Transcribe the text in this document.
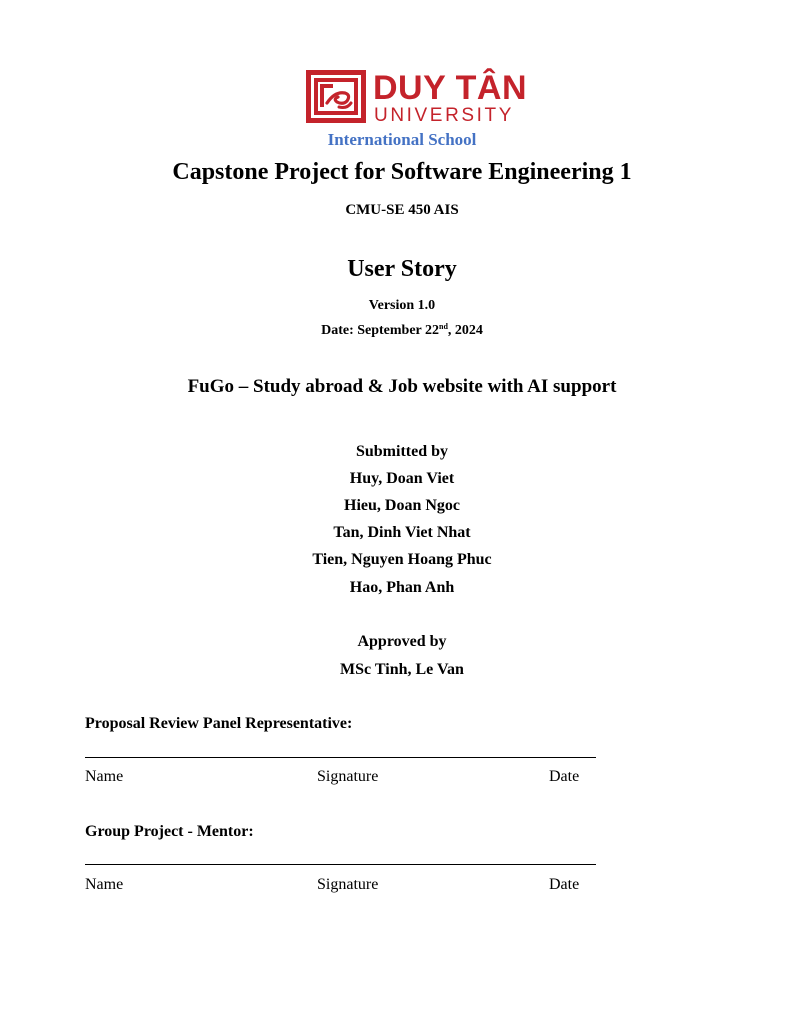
DUY TÂN
UNIVERSITY
International School
Capstone Project for Software Engineering 1
CMU-SE 450 AIS
User Story
Version 1.0
Date: September 22nd, 2024
FuGo – Study abroad & Job website with AI support
Submitted by
Huy, Doan Viet
Hieu, Doan Ngoc
Tan, Dinh Viet Nhat
Tien, Nguyen Hoang Phuc
Hao, Phan Anh
Approved by
MSc Tinh, Le Van
Proposal Review Panel Representative:
Name	Signature	Date
Group Project - Mentor:
Name	Signature	Date
